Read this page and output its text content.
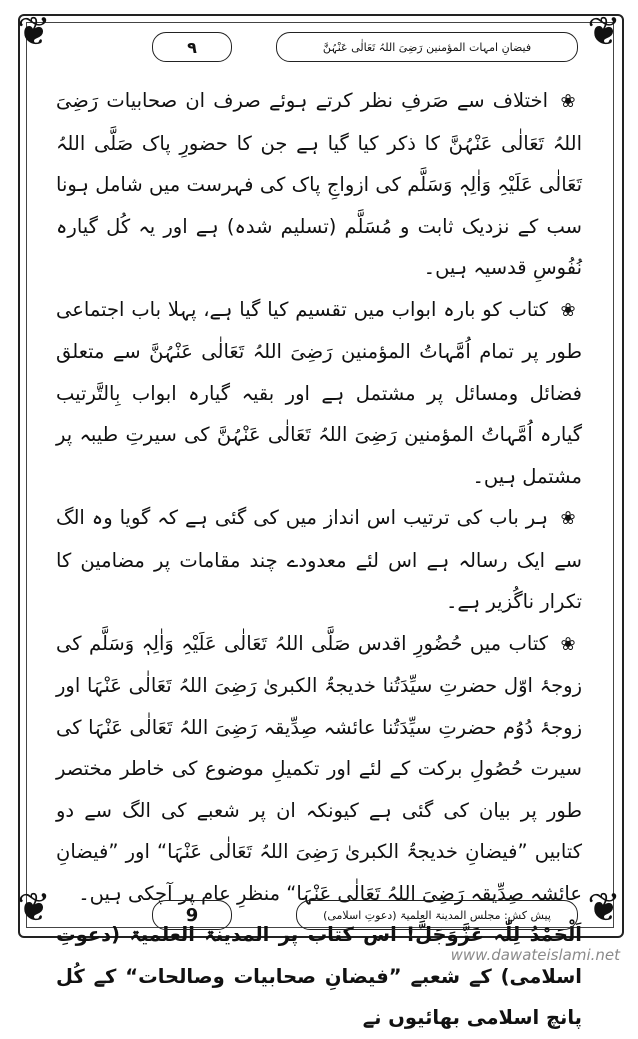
❦	❦
❦	❦
۹	فیضانِ امہات المؤمنین رَضِیَ اللہُ تَعَالٰی عَنْہُنَّ

❀اختلاف سے صَرفِ نظر کرتے ہوئے صرف ان صحابیات رَضِیَ اللہُ تَعَالٰی عَنْہُنَّ کا ذکر کیا گیا ہے جن کا حضورِ پاک صَلَّی اللہُ تَعَالٰی عَلَیْہِ وَاٰلِہٖ وَسَلَّم کی ازواجِ پاک کی فہرست میں شامل ہونا سب کے نزدیک ثابت و مُسَلَّم (تسلیم شدہ) ہے اور یہ کُل گیارہ نُفُوسِ قدسیہ ہیں۔

❀کتاب کو بارہ ابواب میں تقسیم کیا گیا ہے، پہلا باب اجتماعی طور پر تمام اُمَّہاتُ المؤمنین رَضِیَ اللہُ تَعَالٰی عَنْہُنَّ سے متعلق فضائل ومسائل پر مشتمل ہے اور بقیہ گیارہ ابواب بِالتَّرتیب گیارہ اُمَّہاتُ المؤمنین رَضِیَ اللہُ تَعَالٰی عَنْہُنَّ کی سیرتِ طیبہ پر مشتمل ہیں۔

❀ہر باب کی ترتیب اس انداز میں کی گئی ہے کہ گویا وہ الگ سے ایک رسالہ ہے اس لئے معدودے چند مقامات پر مضامین کا تکرار ناگُزیر ہے۔

❀کتاب میں حُضُورِ اقدس صَلَّی اللہُ تَعَالٰی عَلَیْہِ وَاٰلِہٖ وَسَلَّم کی زوجۂ اوّل حضرتِ سیِّدَتُنا خدیجۃُ الکبریٰ رَضِیَ اللہُ تَعَالٰی عَنْہَا اور زوجۂ دُوُم حضرتِ سیِّدَتُنا عائشہ صِدِّیقہ رَضِیَ اللہُ تَعَالٰی عَنْہَا کی سیرت حُصُولِ برکت کے لئے اور تکمیلِ موضوع کی خاطر مختصر طور پر بیان کی گئی ہے کیونکہ ان پر شعبے کی الگ سے دو کتابیں ”فیضانِ خدیجۃُ الکبریٰ رَضِیَ اللہُ تَعَالٰی عَنْہَا“ اور ”فیضانِ عائشہ صِدِّیقہ رَضِیَ اللہُ تَعَالٰی عَنْہَا“ منظرِ عام پر آچکی ہیں۔

اَلْحَمْدُ لِلّٰہ عَزَّوَجَلَّ! اس کتاب پر المدینۃ العلمیۃ (دعوتِ اسلامی) کے شعبے ”فیضانِ صحابیات وصالحات“ کے کُل پانچ اسلامی بھائیوں نے

9	پیش کش: مجلس المدینۃ العلمیۃ (دعوتِ اسلامی)
www.dawateislami.net
